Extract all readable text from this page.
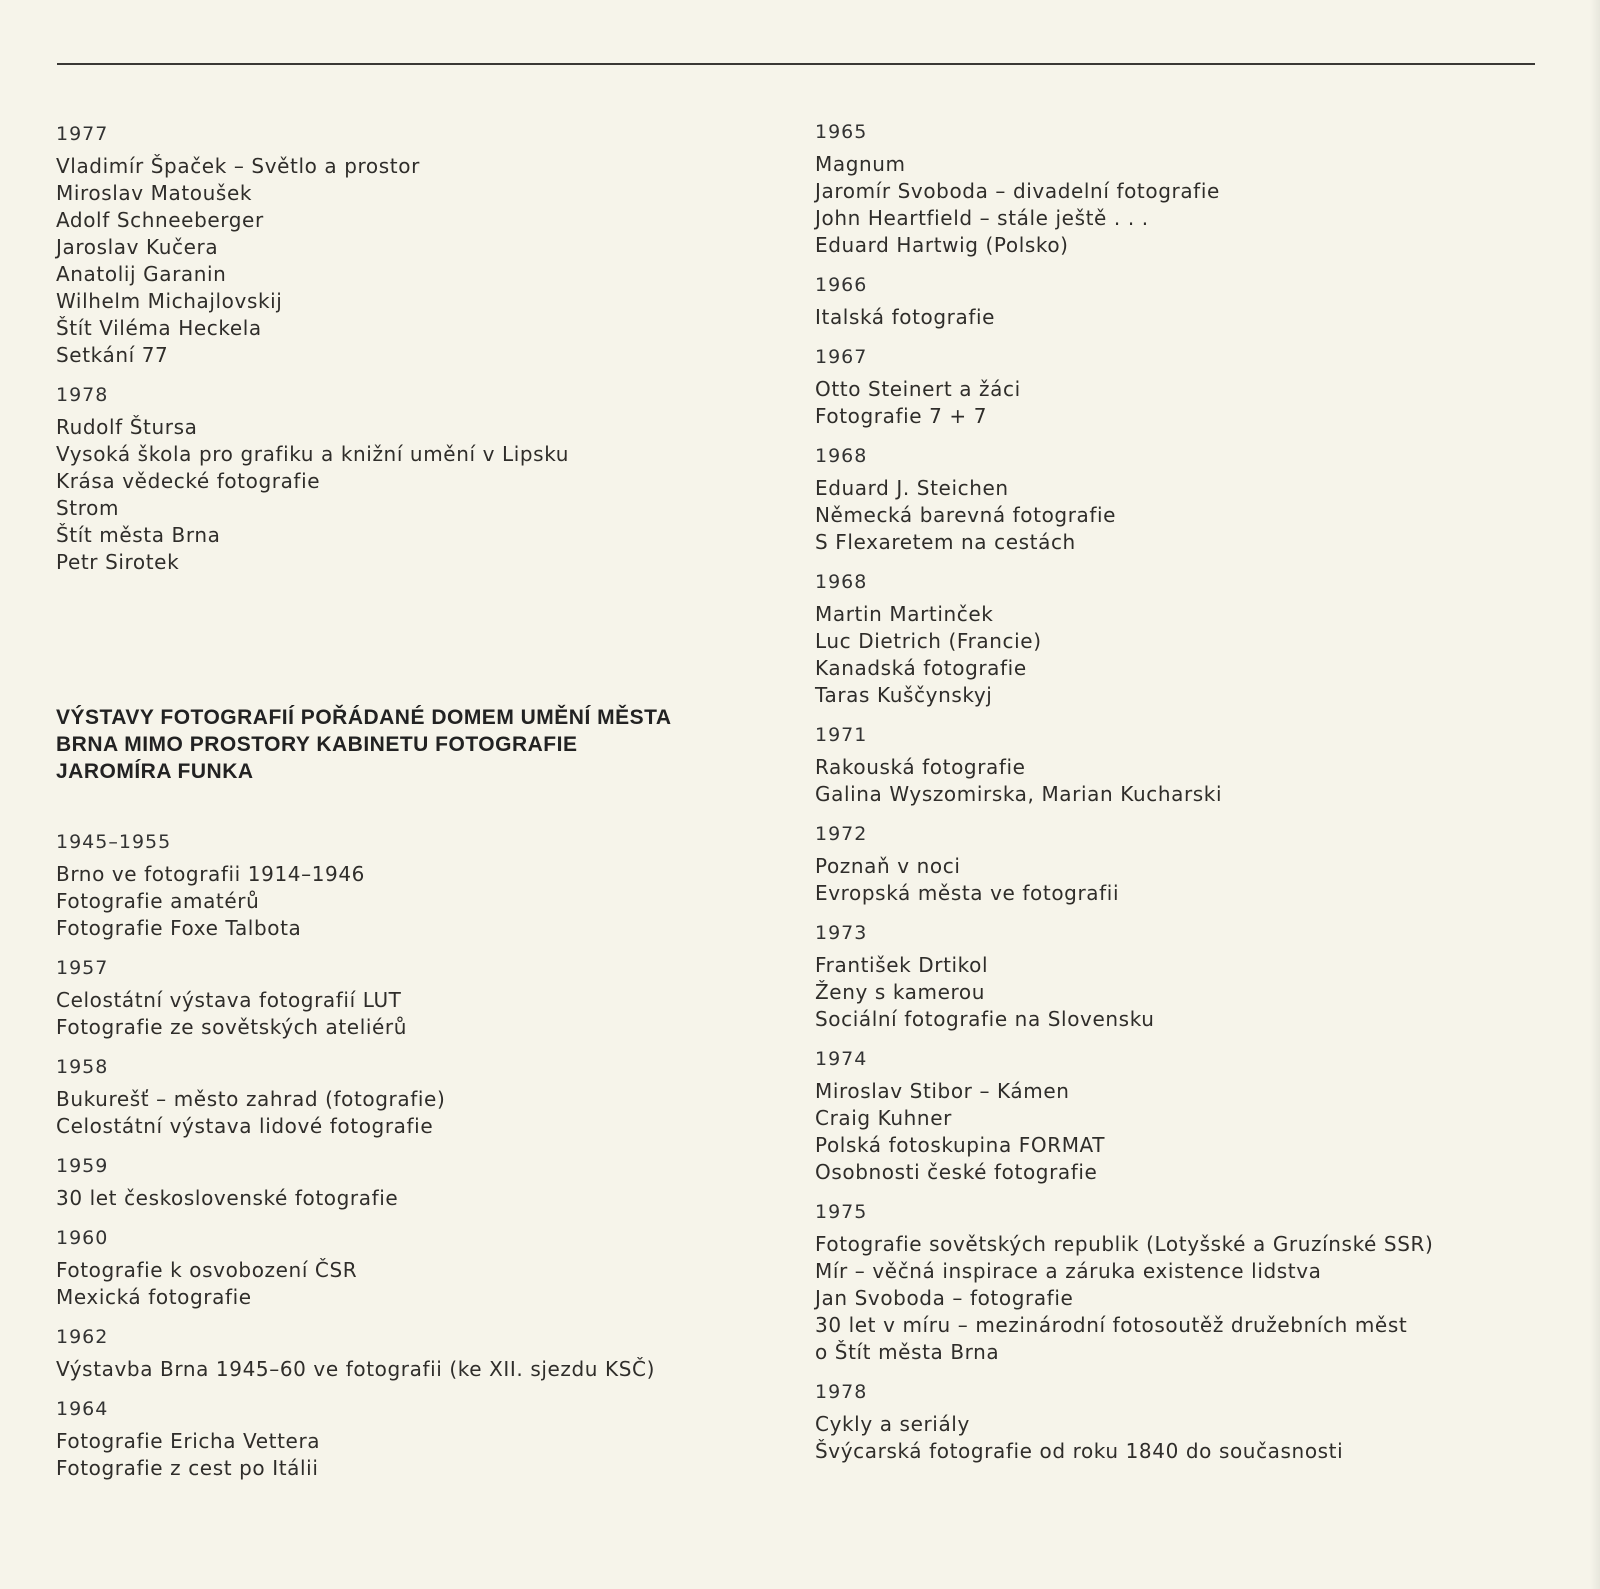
1977
Vladimír Špaček – Světlo a prostor
Miroslav Matoušek
Adolf Schneeberger
Jaroslav Kučera
Anatolij Garanin
Wilhelm Michajlovskij
Štít Viléma Heckela
Setkání 77
1978
Rudolf Štursa
Vysoká škola pro grafiku a knižní umění v Lipsku
Krása vědecké fotografie
Strom
Štít města Brna
Petr Sirotek
VÝSTAVY FOTOGRAFIÍ POŘÁDANÉ DOMEM UMĚNÍ MĚSTA
BRNA MIMO PROSTORY KABINETU FOTOGRAFIE
JAROMÍRA FUNKA
1945–1955
Brno ve fotografii 1914–1946
Fotografie amatérů
Fotografie Foxe Talbota
1957
Celostátní výstava fotografií LUT
Fotografie ze sovětských ateliérů
1958
Bukurešť – město zahrad (fotografie)
Celostátní výstava lidové fotografie
1959
30 let československé fotografie
1960
Fotografie k osvobození ČSR
Mexická fotografie
1962
Výstavba Brna 1945–60 ve fotografii (ke XII. sjezdu KSČ)
1964
Fotografie Ericha Vettera
Fotografie z cest po Itálii
1965
Magnum
Jaromír Svoboda – divadelní fotografie
John Heartfield – stále ještě . . .
Eduard Hartwig (Polsko)
1966
Italská fotografie
1967
Otto Steinert a žáci
Fotografie 7 + 7
1968
Eduard J. Steichen
Německá barevná fotografie
S Flexaretem na cestách
1968
Martin Martinček
Luc Dietrich (Francie)
Kanadská fotografie
Taras Kuščynskyj
1971
Rakouská fotografie
Galina Wyszomirska, Marian Kucharski
1972
Poznaň v noci
Evropská města ve fotografii
1973
František Drtikol
Ženy s kamerou
Sociální fotografie na Slovensku
1974
Miroslav Stibor – Kámen
Craig Kuhner
Polská fotoskupina FORMAT
Osobnosti české fotografie
1975
Fotografie sovětských republik (Lotyšské a Gruzínské SSR)
Mír – věčná inspirace a záruka existence lidstva
Jan Svoboda – fotografie
30 let v míru – mezinárodní fotosoutěž družebních měst
o Štít města Brna
1978
Cykly a seriály
Švýcarská fotografie od roku 1840 do současnosti
